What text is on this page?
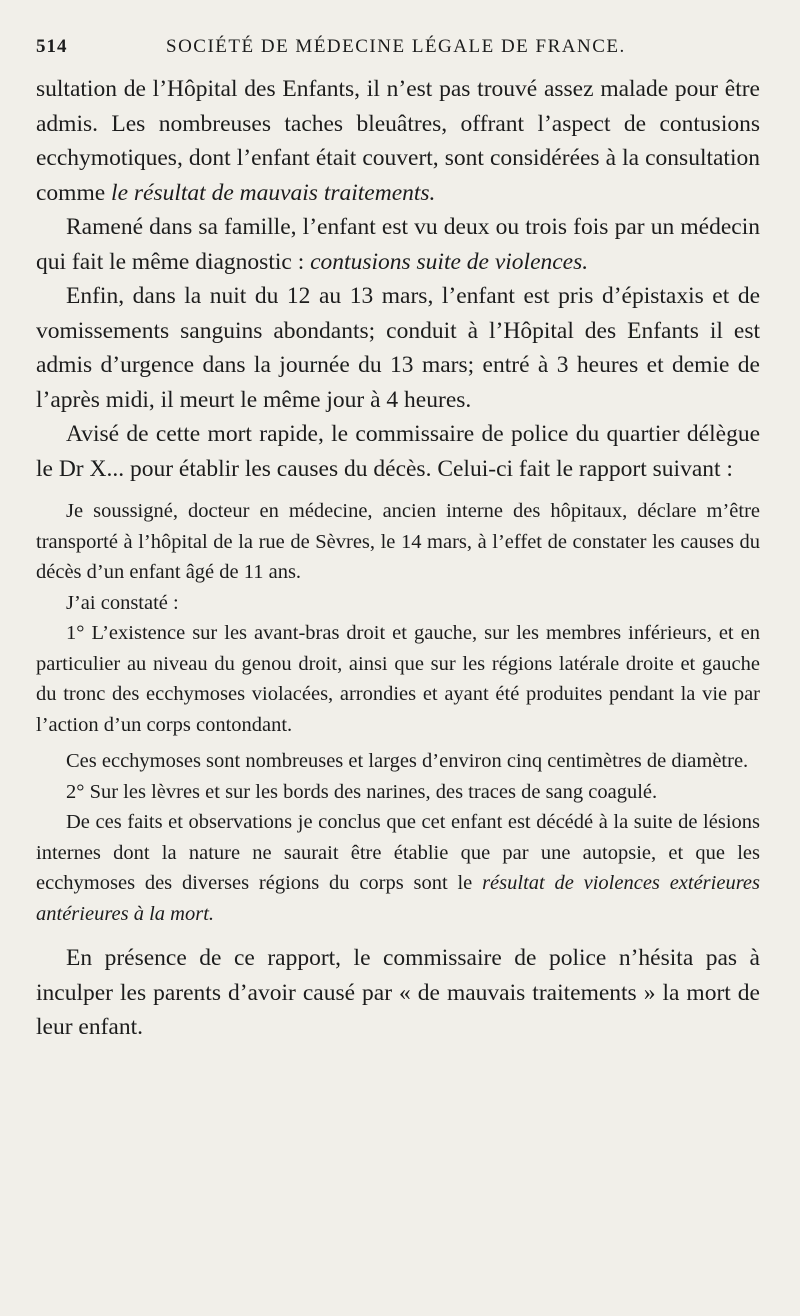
514	SOCIÉTÉ DE MÉDECINE LÉGALE DE FRANCE.

sultation de l’Hôpital des Enfants, il n’est pas trouvé assez malade pour être admis. Les nombreuses taches bleuâtres, offrant l’aspect de contusions ecchymotiques, dont l’enfant était couvert, sont considérées à la consultation comme le résultat de mauvais traitements.

Ramené dans sa famille, l’enfant est vu deux ou trois fois par un médecin qui fait le même diagnostic : contusions suite de violences.

Enfin, dans la nuit du 12 au 13 mars, l’enfant est pris d’épistaxis et de vomissements sanguins abondants; conduit à l’Hôpital des Enfants il est admis d’urgence dans la journée du 13 mars; entré à 3 heures et demie de l’après midi, il meurt le même jour à 4 heures.

Avisé de cette mort rapide, le commissaire de police du quartier délègue le Dr X... pour établir les causes du décès. Celui-ci fait le rapport suivant :

Je soussigné, docteur en médecine, ancien interne des hôpitaux, déclare m’être transporté à l’hôpital de la rue de Sèvres, le 14 mars, à l’effet de constater les causes du décès d’un enfant âgé de 11 ans.

J’ai constaté :

1° L’existence sur les avant-bras droit et gauche, sur les membres inférieurs, et en particulier au niveau du genou droit, ainsi que sur les régions latérale droite et gauche du tronc des ecchymoses violacées, arrondies et ayant été produites pendant la vie par l’action d’un corps contondant.

Ces ecchymoses sont nombreuses et larges d’environ cinq centimètres de diamètre.

2° Sur les lèvres et sur les bords des narines, des traces de sang coagulé.

De ces faits et observations je conclus que cet enfant est décédé à la suite de lésions internes dont la nature ne saurait être établie que par une autopsie, et que les ecchymoses des diverses régions du corps sont le résultat de violences extérieures antérieures à la mort.

En présence de ce rapport, le commissaire de police n’hésita pas à inculper les parents d’avoir causé par « de mauvais traitements » la mort de leur enfant.
